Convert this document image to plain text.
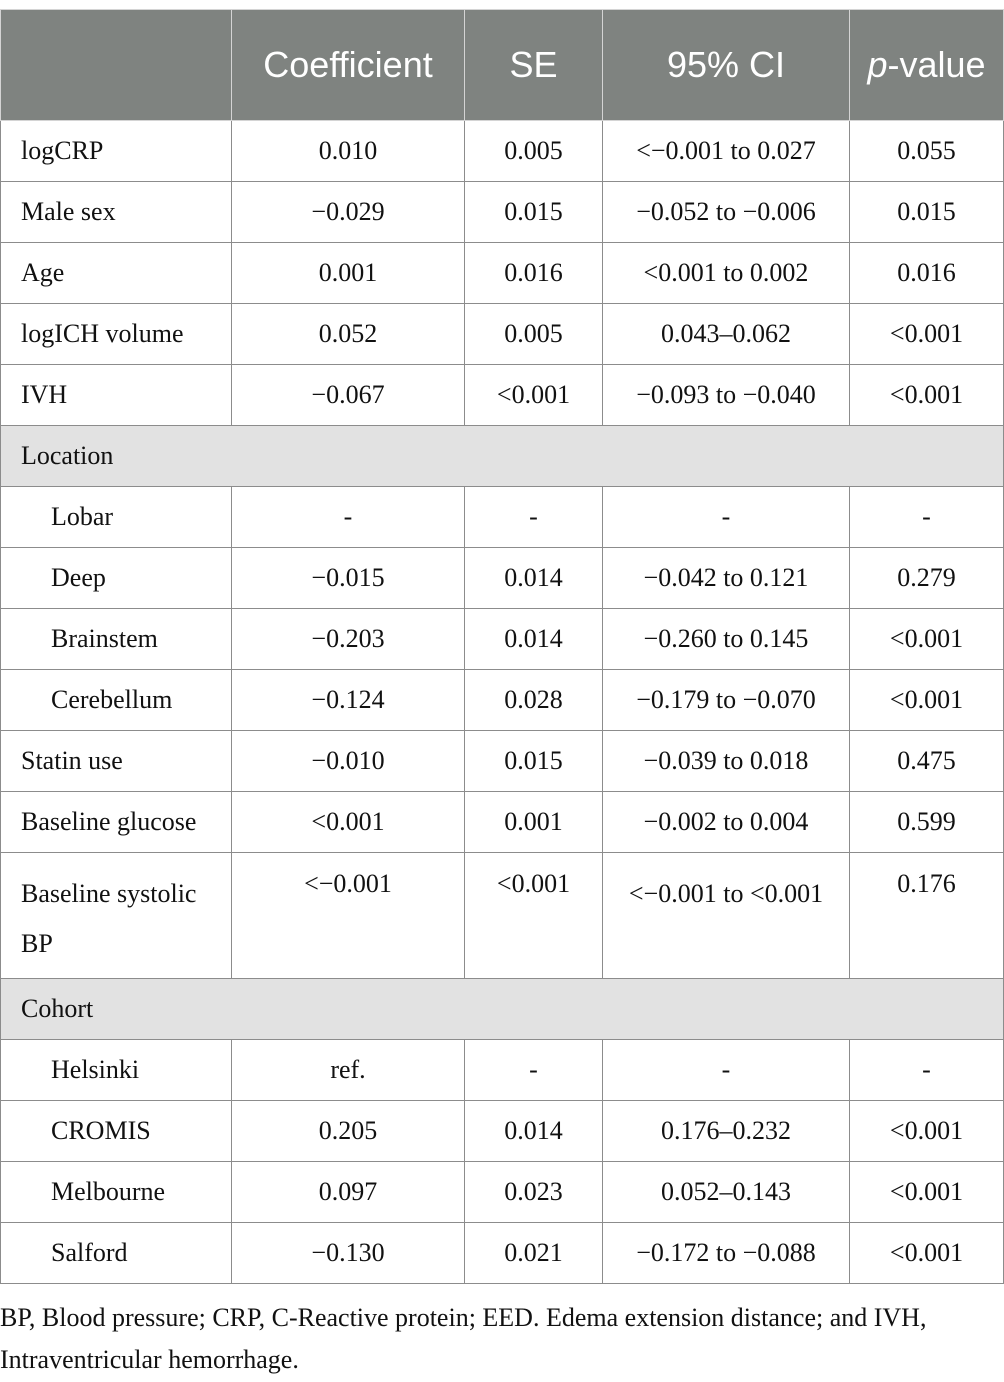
	Coefficient	SE	95% CI	p-value
logCRP	0.010	0.005	<−0.001 to 0.027	0.055
Male sex	−0.029	0.015	−0.052 to −0.006	0.015
Age	0.001	0.016	<0.001 to 0.002	0.016
logICH volume	0.052	0.005	0.043–0.062	<0.001
IVH	−0.067	<0.001	−0.093 to −0.040	<0.001
Location				
Lobar	-	-	-	-
Deep	−0.015	0.014	−0.042 to 0.121	0.279
Brainstem	−0.203	0.014	−0.260 to 0.145	<0.001
Cerebellum	−0.124	0.028	−0.179 to −0.070	<0.001
Statin use	−0.010	0.015	−0.039 to 0.018	0.475
Baseline glucose	<0.001	0.001	−0.002 to 0.004	0.599
Baseline systolic BP	<−0.001	<0.001	<−0.001 to <0.001	0.176
Cohort				
Helsinki	ref.	-	-	-
CROMIS	0.205	0.014	0.176–0.232	<0.001
Melbourne	0.097	0.023	0.052–0.143	<0.001
Salford	−0.130	0.021	−0.172 to −0.088	<0.001
BP, Blood pressure; CRP, C-Reactive protein; EED. Edema extension distance; and IVH, Intraventricular hemorrhage.
